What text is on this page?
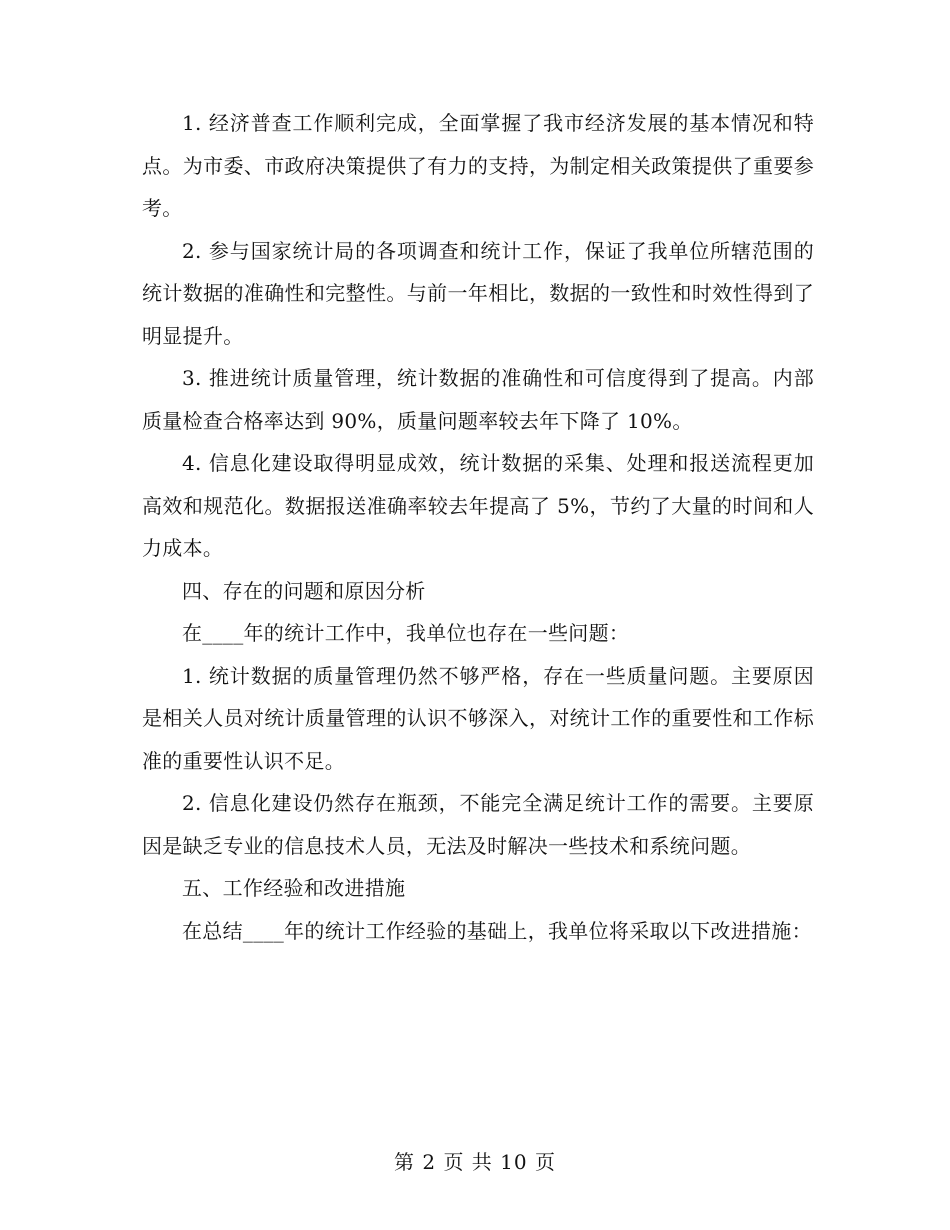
1. 经济普查工作顺利完成，全面掌握了我市经济发展的基本情况和特点。为市委、市政府决策提供了有力的支持，为制定相关政策提供了重要参考。

2. 参与国家统计局的各项调查和统计工作，保证了我单位所辖范围的统计数据的准确性和完整性。与前一年相比，数据的一致性和时效性得到了明显提升。

3. 推进统计质量管理，统计数据的准确性和可信度得到了提高。内部质量检查合格率达到 90%，质量问题率较去年下降了 10%。

4. 信息化建设取得明显成效，统计数据的采集、处理和报送流程更加高效和规范化。数据报送准确率较去年提高了 5%，节约了大量的时间和人力成本。

四、存在的问题和原因分析

在____年的统计工作中，我单位也存在一些问题：

1. 统计数据的质量管理仍然不够严格，存在一些质量问题。主要原因是相关人员对统计质量管理的认识不够深入，对统计工作的重要性和工作标准的重要性认识不足。

2. 信息化建设仍然存在瓶颈，不能完全满足统计工作的需要。主要原因是缺乏专业的信息技术人员，无法及时解决一些技术和系统问题。

五、工作经验和改进措施

在总结____年的统计工作经验的基础上，我单位将采取以下改进措施：

第 2 页 共 10 页
